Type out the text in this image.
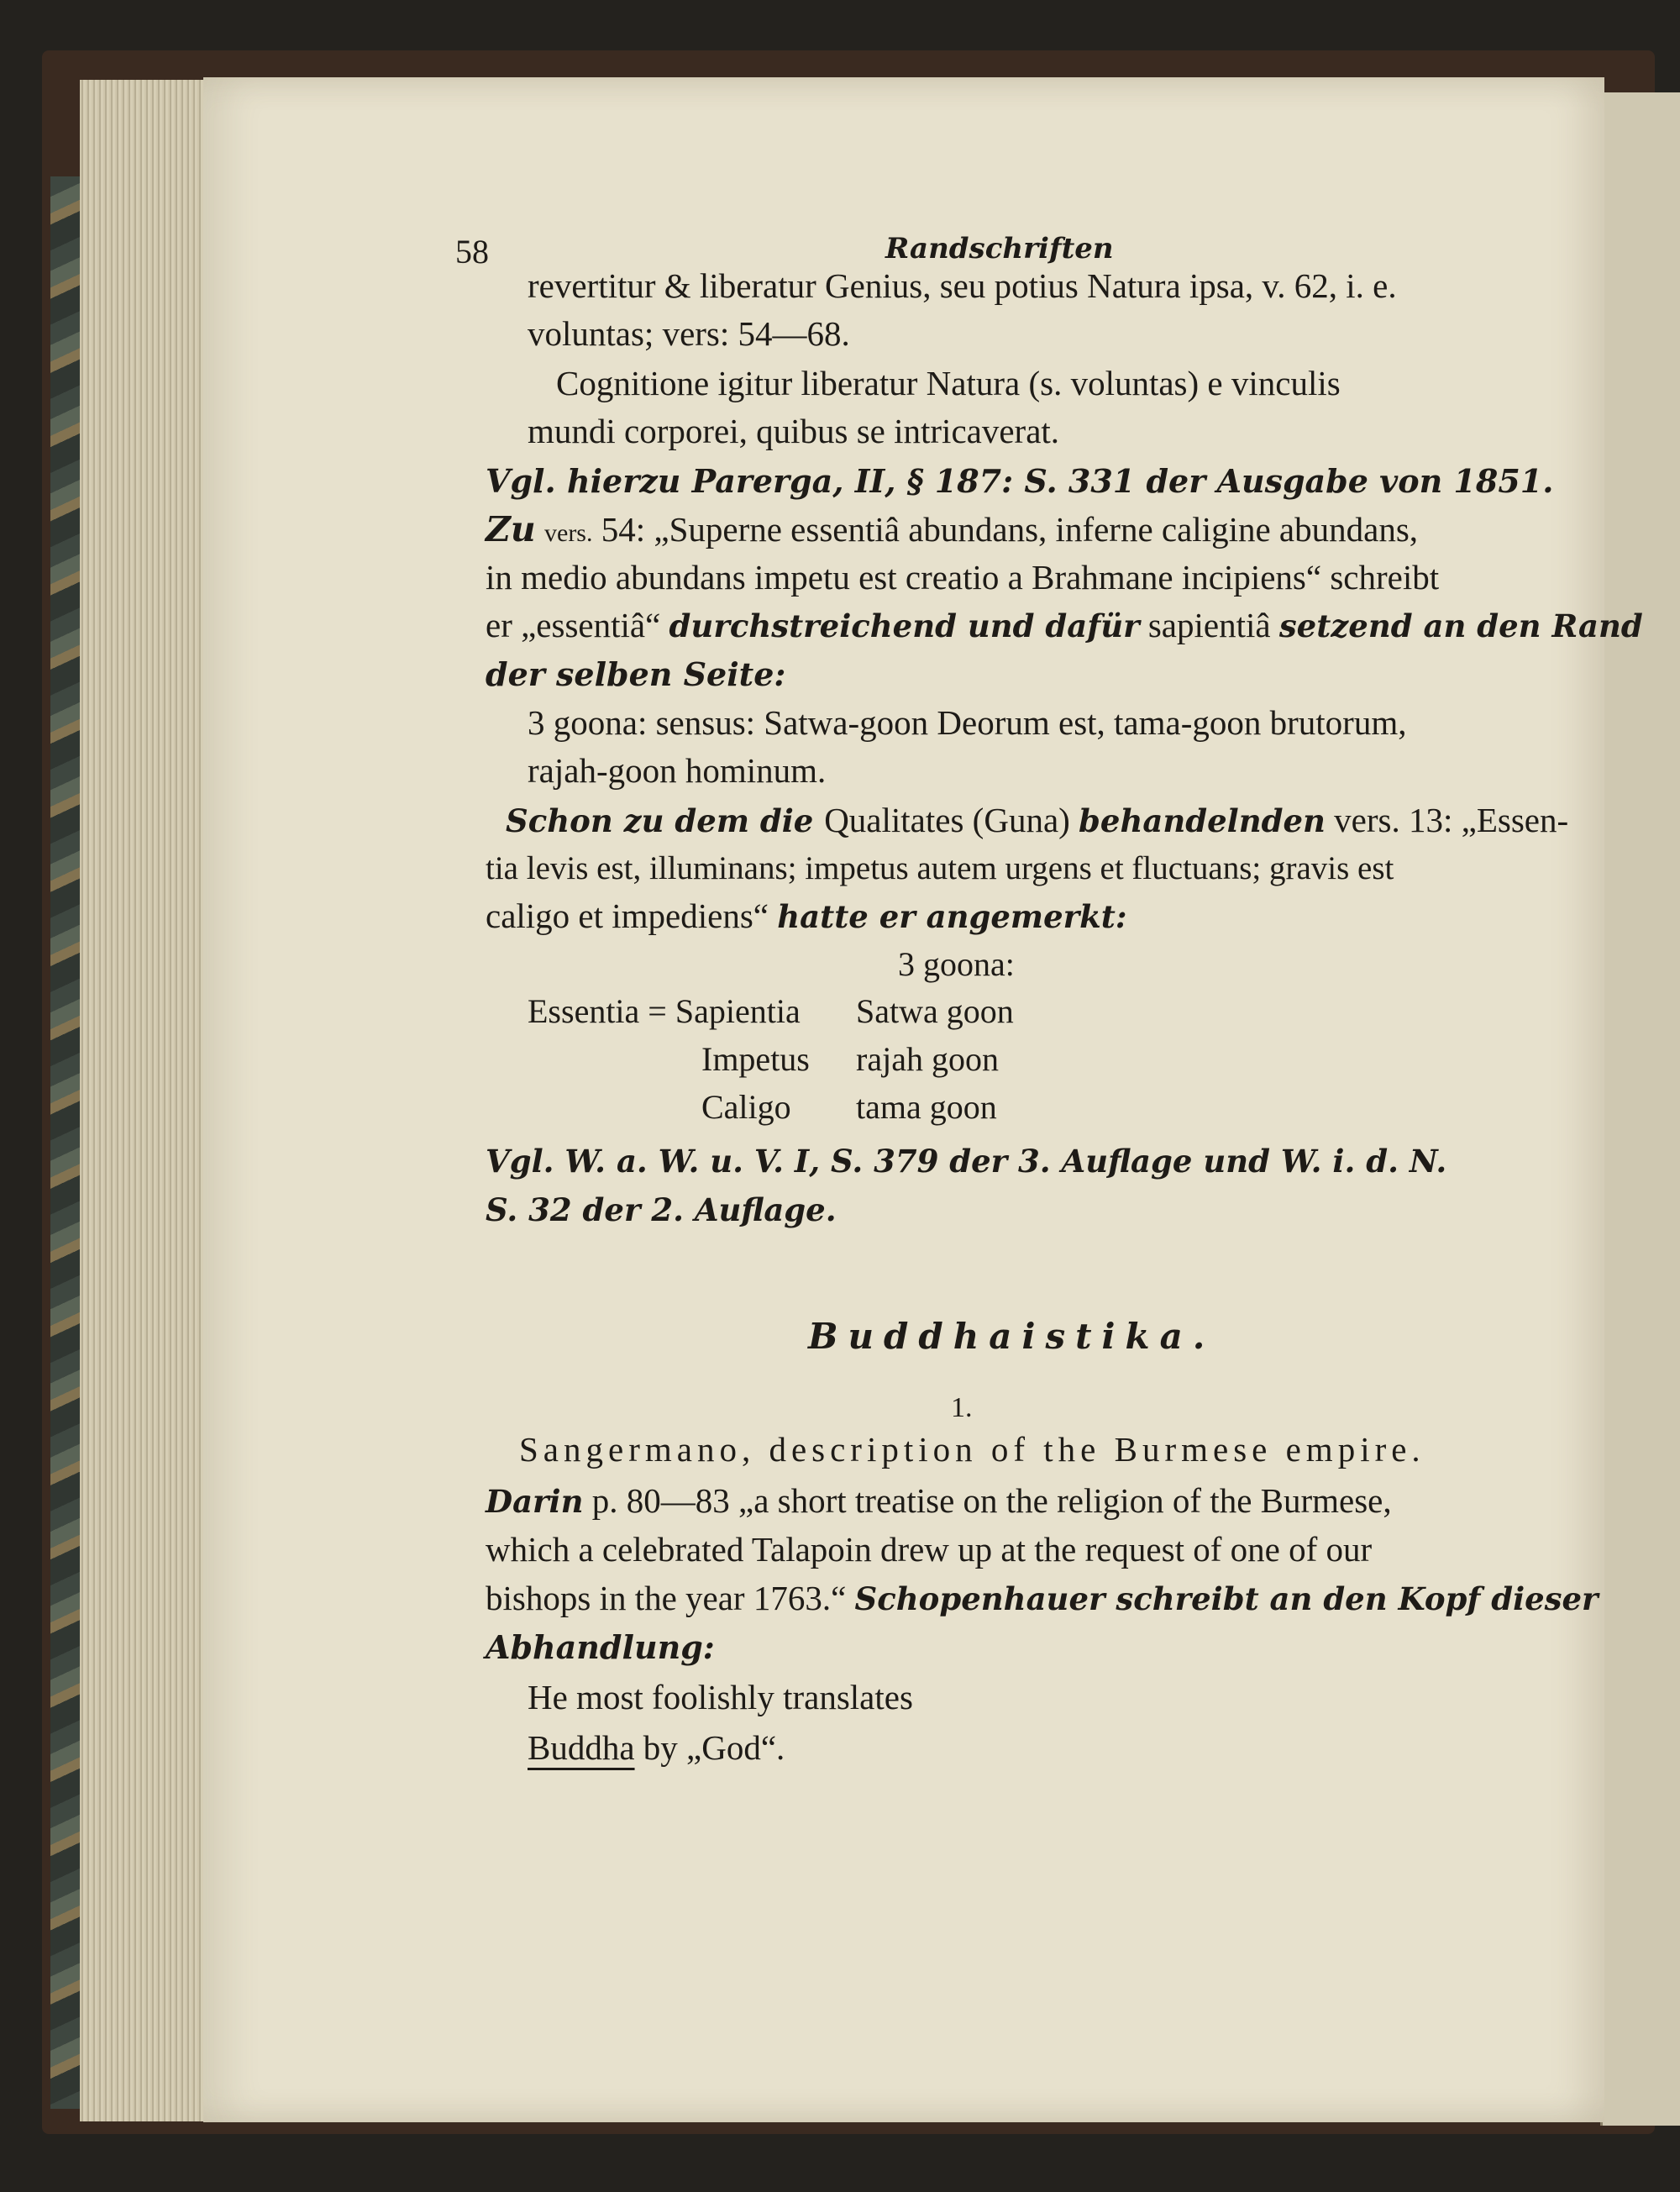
58	Randschriften
revertitur & liberatur Genius, seu potius Natura ipsa, v. 62, i. e.
voluntas; vers: 54—68.
Cognitione igitur liberatur Natura (s. voluntas) e vinculis
mundi corporei, quibus se intricaverat.
Vgl. hierzu Parerga, II, § 187: S. 331 der Ausgabe von 1851.
Zu vers. 54: „Superne essentiâ abundans, inferne caligine abundans,
in medio abundans impetu est creatio a Brahmane incipiens“ schreibt
er „essentiâ“ durchstreichend und dafür sapientiâ setzend an den Rand
der selben Seite:
3 goona: sensus: Satwa-goon Deorum est, tama-goon brutorum,
rajah-goon hominum.
Schon zu dem die Qualitates (Guna) behandelnden vers. 13: „Essen-
tia levis est, illuminans; impetus autem urgens et fluctuans; gravis est
caligo et impediens“ hatte er angemerkt:
3 goona:
Essentia = Sapientia Satwa goon
Impetus rajah goon
Caligo tama goon
Vgl. W. a. W. u. V. I, S. 379 der 3. Auflage und W. i. d. N.
S. 32 der 2. Auflage.
Buddhaistika.
1.
Sangermano, description of the Burmese empire.
Darin p. 80—83 „a short treatise on the religion of the Burmese,
which a celebrated Talapoin drew up at the request of one of our
bishops in the year 1763.“ Schopenhauer schreibt an den Kopf dieser
Abhandlung:
He most foolishly translates
Buddha by „God“.
